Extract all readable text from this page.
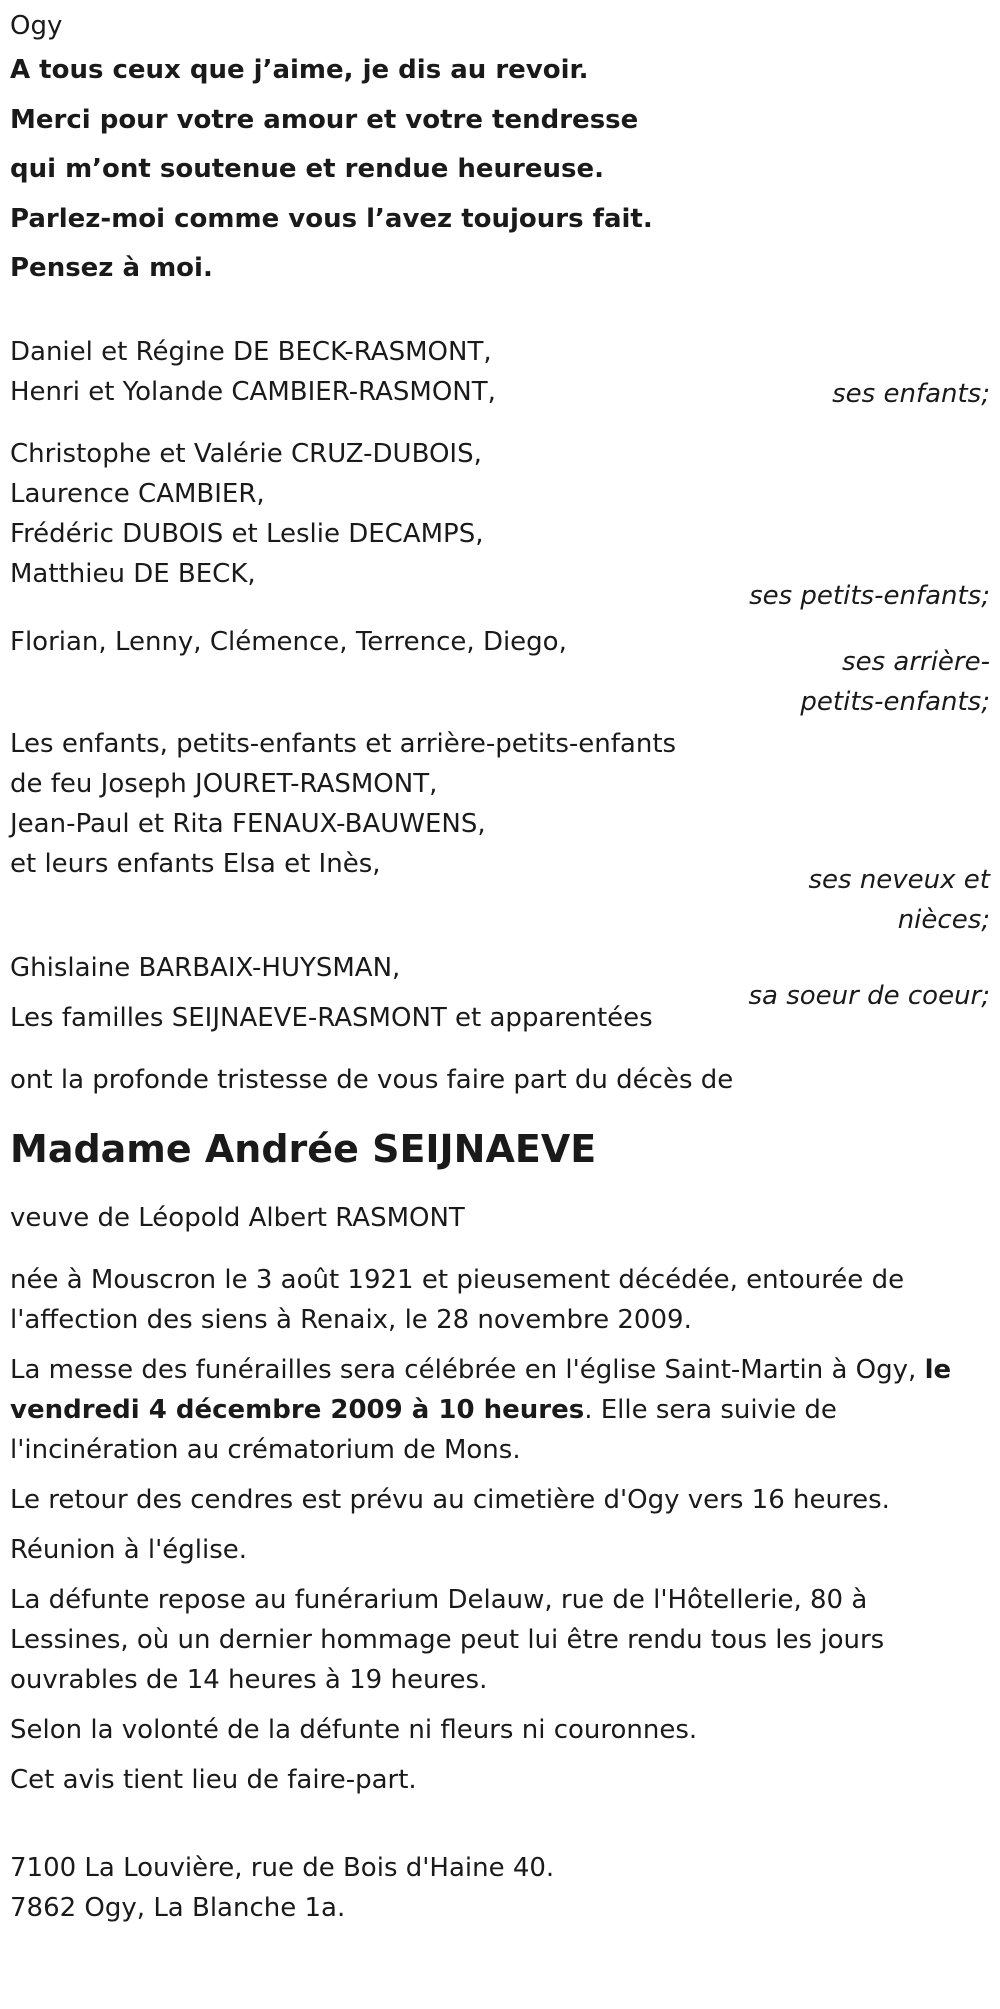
Ogy

A tous ceux que j’aime, je dis au revoir.

Merci pour votre amour et votre tendresse

qui m’ont soutenue et rendue heureuse.

Parlez-moi comme vous l’avez toujours fait.

Pensez à moi.

Daniel et Régine DE BECK-RASMONT,

Henri et Yolande CAMBIER-RASMONT,	ses enfants;

Christophe et Valérie CRUZ-DUBOIS,

Laurence CAMBIER,

Frédéric DUBOIS et Leslie DECAMPS,

Matthieu DE BECK,

ses petits-enfants;

Florian, Lenny, Clémence, Terrence, Diego,

ses arrière-petits-enfants;

Les enfants, petits-enfants et arrière-petits-enfants

de feu Joseph JOURET-RASMONT,

Jean-Paul et Rita FENAUX-BAUWENS,

et leurs enfants Elsa et Inès,

ses neveux et nièces;

Ghislaine BARBAIX-HUYSMAN,

sa soeur de coeur;

Les familles SEIJNAEVE-RASMONT et apparentées

ont la profonde tristesse de vous faire part du décès de

Madame Andrée SEIJNAEVE

veuve de Léopold Albert RASMONT

née à Mouscron le 3 août 1921 et pieusement décédée, entourée de l'affection des siens à Renaix, le 28 novembre 2009.

La messe des funérailles sera célébrée en l'église Saint-Martin à Ogy, le vendredi 4 décembre 2009 à 10 heures. Elle sera suivie de l'incinération au crématorium de Mons.

Le retour des cendres est prévu au cimetière d'Ogy vers 16 heures.

Réunion à l'église.

La défunte repose au funérarium Delauw, rue de l'Hôtellerie, 80 à Lessines, où un dernier hommage peut lui être rendu tous les jours ouvrables de 14 heures à 19 heures.

Selon la volonté de la défunte ni fleurs ni couronnes.

Cet avis tient lieu de faire-part.

7100 La Louvière, rue de Bois d'Haine 40.

7862 Ogy, La Blanche 1a.
